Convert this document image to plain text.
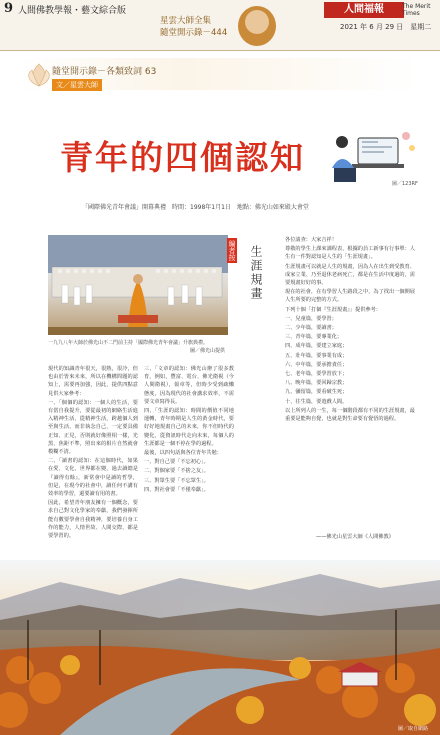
9 人間佛教學報・藝文綜合版
星雲大師全集
隨堂開示錄－444
人間福報	The Merit Times
2021 年 6 月 29 日　星期二
隨堂開示錄－各類致詞 63
文／星雲大師
青年的四個認知
圖／123RF
「國際佛光青年會議」開幕典禮　時間：1998年1月1日　地點：佛光山如來殿大會堂
一九九八年大師於佛光山不二門前主持「國際佛光青年會議」升旗典禮。
圖／佛光山提供
編者按 生涯規畫

現代的知識青年很天，很熱，很冷，但也由於皆來未來，所以在機構問題的認知上，需要再加強，因此，提供四點意見供大家參考：

一、「個個的認知：一個人的生活，要有當自我提升，要從最初的網絡生活進入精神生活，從精神生活，跨越個人到至與生活，而非執念自己，一定要具備正知、正見，否則就好像照相一樣，光黑、焦距不準，照出來的相片自然就會模糊不清。

二、「讀書的認知：在這個時代，如果在愛、文化、世界都在變，過去讀總是『讀得有餘』，新常會中是讀的哲學，但是，在現今的社會中，讀任何不講有效率的學習，還要讀有用的書。

因此，希望青年朋友擁有一個概念，要求自己對文化學家的奉獻，我們發揮所能有數要學會自我精神，要培養自身工作的能力，人情世故、人間交際，都是要學習的。

三、「文章的認知：佛光山辦了很多教育，例如，豐富、電台、佛光衛視（今人間衛視），報章等，但時少受到疏懶態度，因為現代的社會講求效率，不需要文章寫得長。

四、「生涯的認知：時間的價值不同地運轉，青年時期是人生的黃金時代，要好好地規畫自己的未來，你不但時代的變化，從資訊時代走向未來，每個人的生涯都是一個不停在學的過程。

最後，以四句話與各位青年共勉：

一、對自己要「不忘初心」。

二、對個家要「不捨之友」。

三、對眾生要「不忘眾生」。

四、對社會要「不僅奉獻」。

各位請查：大家吉祥！

尊敬的學生上課來課程表，根據的員工新事有行事單：人生有一件對認知是人生的「生涯規畫」。

生涯規畫可以就是人生的規畫，因為人在出生到受教育、成家立業、乃至退休老病死亡，都是在生活中度過的，需要規畫好好的事。

現在的社會，在有學習人生路段之中，為了找出一個開展人生所要的完整的方式。

下列十個「打個『生涯規畫』」提供參考：

一、兒童篇，要學習；

二、少年篇，要讀書；

三、青年篇，要專業化；

四、成年篇，要建立家庭；

五、壯年篇，要事業有成；

六、中年篇，要承擔責任；

七、老年篇，要學習放下；

八、晚年篇，要回歸宗教；

九、彌留篇，要看破生死；

十、往生篇，要遊戲人間。

以上所列人的一生，每一個階段都有不同的生涯規畫，最重要是能夠自覺，也就是對生命要有覺悟的過程。

——佛光山星雲大師《人間佛教》
圖／取自網路
